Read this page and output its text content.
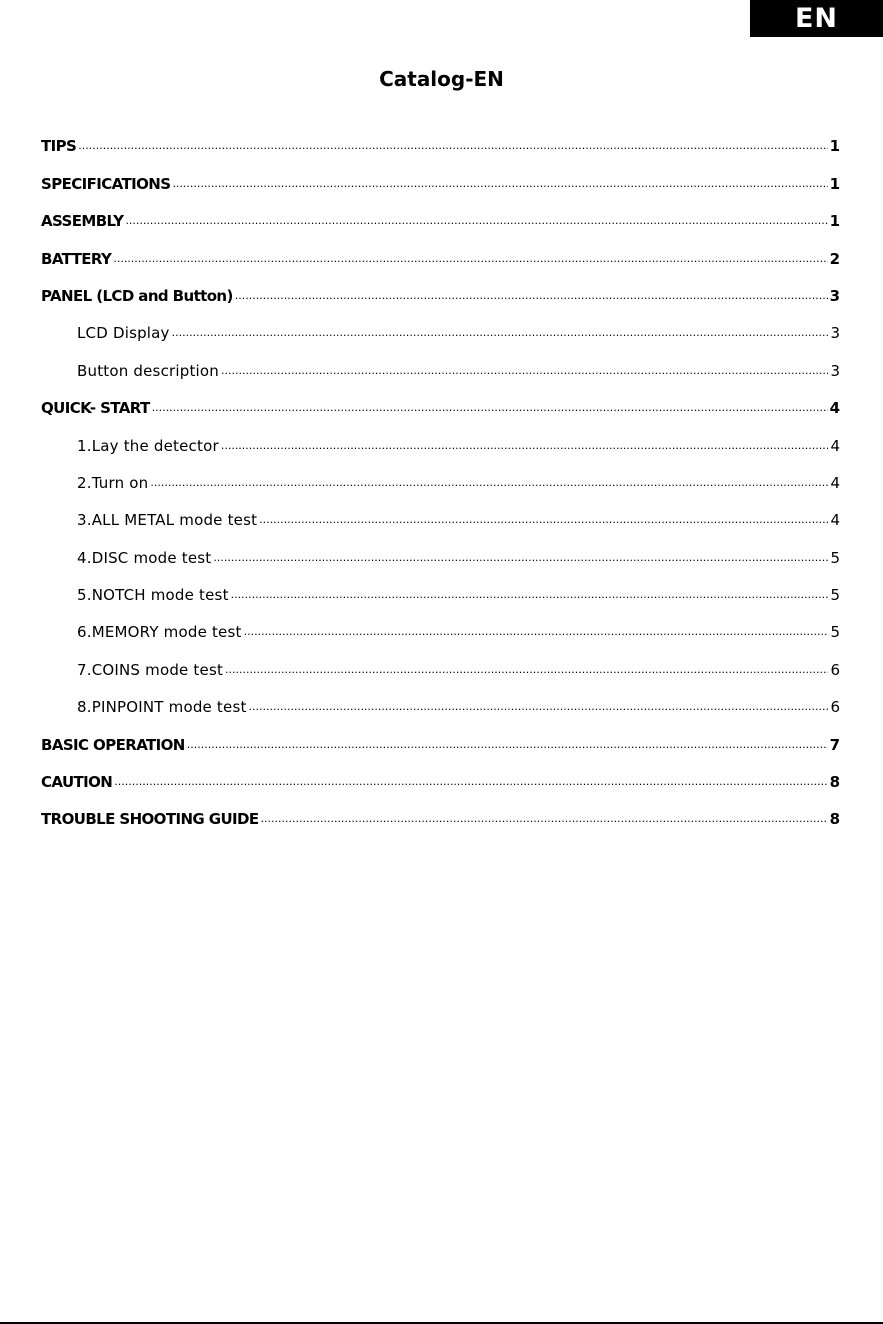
EN
Catalog-EN
TIPS .....	1
SPECIFICATIONS .....	1
ASSEMBLY .....	1
BATTERY .....	2
PANEL (LCD and Button) .....	3
LCD Display .....	3
Button description .....	3
QUICK- START .....	4
1.Lay the detector .....	4
2.Turn on .....	4
3.ALL METAL mode test .....	4
4.DISC mode test .....	5
5.NOTCH mode test .....	5
6.MEMORY mode test .....	5
7.COINS mode test .....	6
8.PINPOINT mode test .....	6
BASIC OPERATION .....	7
CAUTION .....	8
TROUBLE SHOOTING GUIDE .....	8
